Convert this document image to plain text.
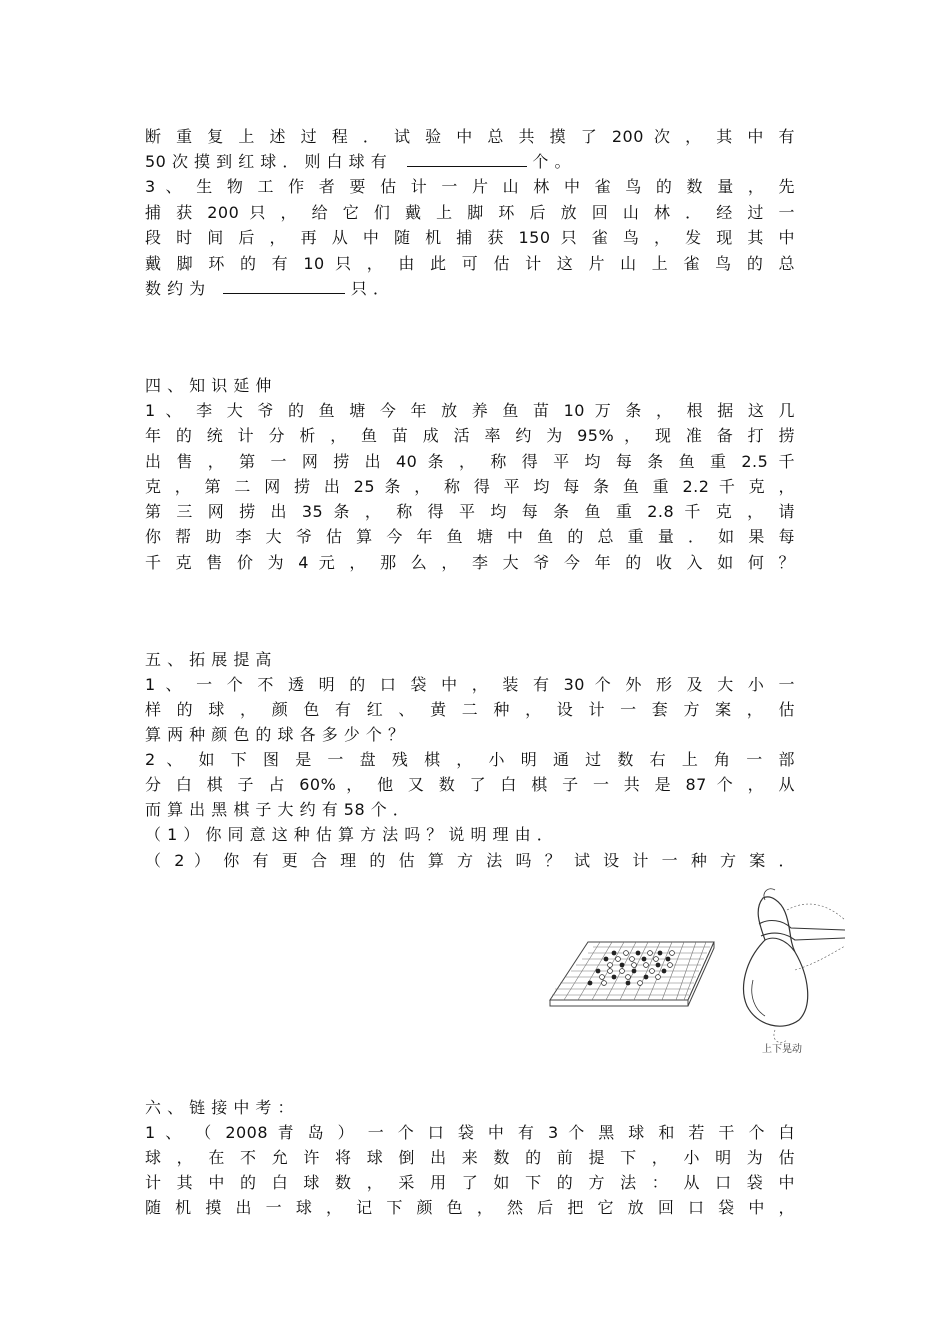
断 重 复 上 述 过 程 ． 试 验 中 总 共 摸 了 200 次 ， 其 中 有
50 次 摸 到 红 球 ． 则 白 球 有	个 。
3 、 生 物 工 作 者 要 估 计 一 片 山 林 中 雀 鸟 的 数 量 ， 先
捕 获 200 只 ， 给 它 们 戴 上 脚 环 后 放 回 山 林 ． 经 过 一
段 时 间 后 ， 再 从 中 随 机 捕 获 150 只 雀 鸟 ， 发 现 其 中
戴 脚 环 的 有 10 只 ， 由 此 可 估 计 这 片 山 上 雀 鸟 的 总
数 约 为	只 ．
四 、 知 识 延 伸
1 、 李 大 爷 的 鱼 塘 今 年 放 养 鱼 苗 10 万 条 ， 根 据 这 几
年 的 统 计 分 析 ， 鱼 苗 成 活 率 约 为 95% ， 现 准 备 打 捞
出 售 ， 第 一 网 捞 出 40 条 ， 称 得 平 均 每 条 鱼 重 2.5 千
克 ， 第 二 网 捞 出 25 条 ， 称 得 平 均 每 条 鱼 重 2.2 千 克 ，
第 三 网 捞 出 35 条 ， 称 得 平 均 每 条 鱼 重 2.8 千 克 ， 请
你 帮 助 李 大 爷 估 算 今 年 鱼 塘 中 鱼 的 总 重 量 ． 如 果 每
千 克 售 价 为 4 元 ， 那 么 ， 李 大 爷 今 年 的 收 入 如 何 ？
五 、 拓 展 提 高
1 、 一 个 不 透 明 的 口 袋 中 ， 装 有 30 个 外 形 及 大 小 一
样 的 球 ， 颜 色 有 红 、 黄 二 种 ， 设 计 一 套 方 案 ， 估
算 两 种 颜 色 的 球 各 多 少 个 ？
2 、 如 下 图 是 一 盘 残 棋 ， 小 明 通 过 数 右 上 角 一 部
分 白 棋 子 占 60% ， 他 又 数 了 白 棋 子 一 共 是 87 个 ， 从
而 算 出 黑 棋 子 大 约 有 58 个 ．
（ 1 ） 你 同 意 这 种 估 算 方 法 吗 ？ 说 明 理 由 ．
（ 2 ） 你 有 更 合 理 的 估 算 方 法 吗 ？ 试 设 计 一 种 方 案 ．
上下晃动
六 、 链 接 中 考 ：
1 、 （ 2008 青 岛 ） 一 个 口 袋 中 有 3 个 黑 球 和 若 干 个 白
球 ， 在 不 允 许 将 球 倒 出 来 数 的 前 提 下 ， 小 明 为 估
计 其 中 的 白 球 数 ， 采 用 了 如 下 的 方 法 ： 从 口 袋 中
随 机 摸 出 一 球 ， 记 下 颜 色 ， 然 后 把 它 放 回 口 袋 中 ，
